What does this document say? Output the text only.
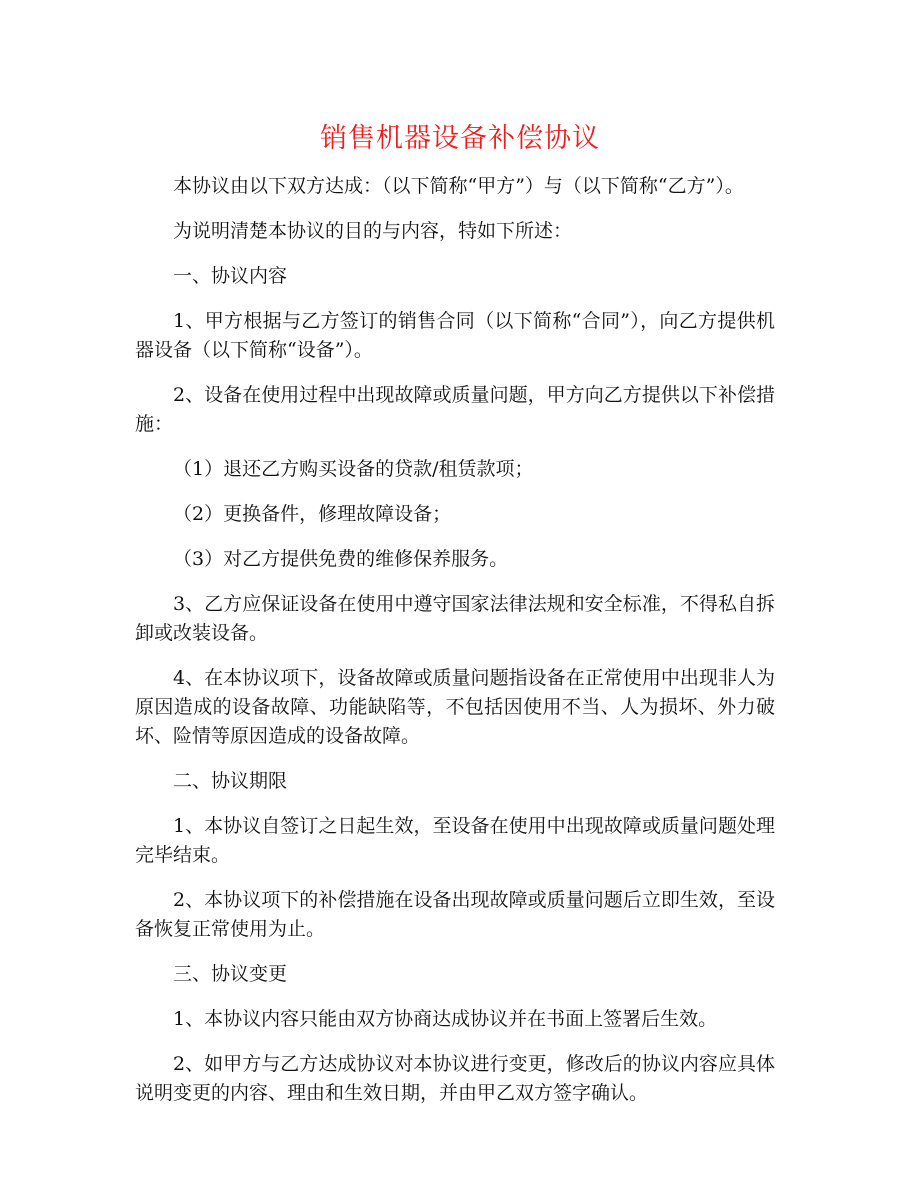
销售机器设备补偿协议

本协议由以下双方达成：（以下简称“甲方”）与（以下简称“乙方”）。

为说明清楚本协议的目的与内容，特如下所述：

一、协议内容

1、甲方根据与乙方签订的销售合同（以下简称“合同”），向乙方提供机器设备（以下简称“设备”）。

2、设备在使用过程中出现故障或质量问题，甲方向乙方提供以下补偿措施：

（1）退还乙方购买设备的贷款/租赁款项；

（2）更换备件，修理故障设备；

（3）对乙方提供免费的维修保养服务。

3、乙方应保证设备在使用中遵守国家法律法规和安全标准，不得私自拆卸或改装设备。

4、在本协议项下，设备故障或质量问题指设备在正常使用中出现非人为原因造成的设备故障、功能缺陷等，不包括因使用不当、人为损坏、外力破坏、险情等原因造成的设备故障。

二、协议期限

1、本协议自签订之日起生效，至设备在使用中出现故障或质量问题处理完毕结束。

2、本协议项下的补偿措施在设备出现故障或质量问题后立即生效，至设备恢复正常使用为止。

三、协议变更

1、本协议内容只能由双方协商达成协议并在书面上签署后生效。

2、如甲方与乙方达成协议对本协议进行变更，修改后的协议内容应具体说明变更的内容、理由和生效日期，并由甲乙双方签字确认。
